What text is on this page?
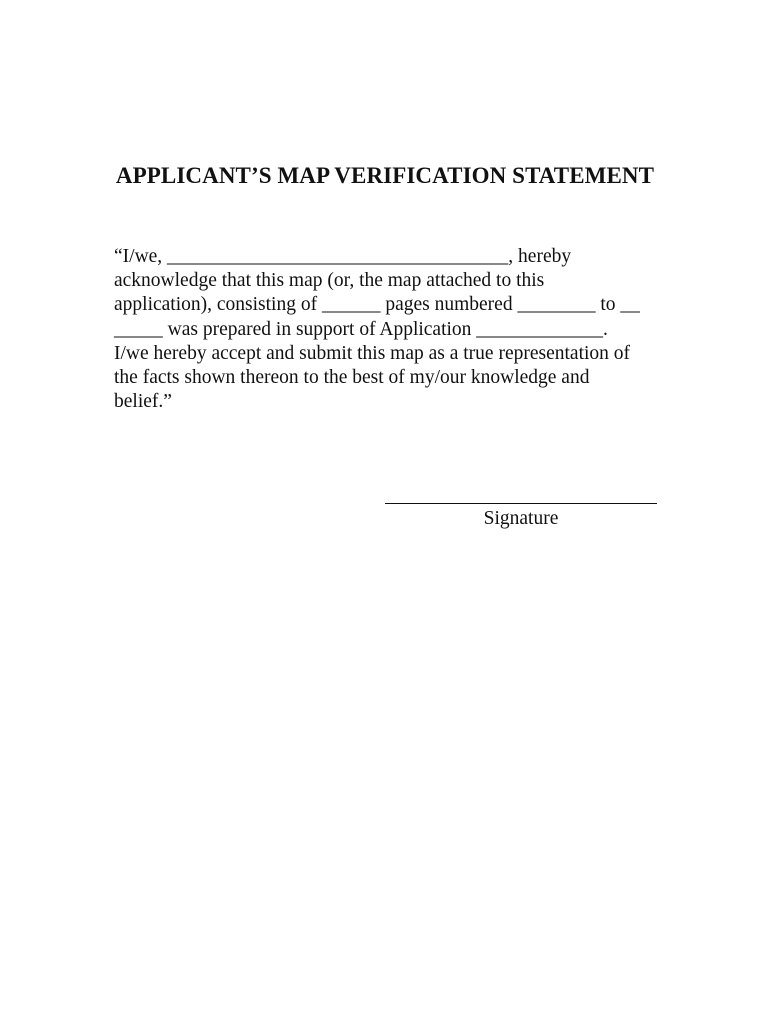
APPLICANT’S MAP VERIFICATION STATEMENT
“I/we, ___________________________________, hereby
acknowledge that this map (or, the map attached to this
application), consisting of ______ pages numbered ________ to __
_____ was prepared in support of Application _____________.
I/we hereby accept and submit this map as a true representation of
the facts shown thereon to the best of my/our knowledge and
belief.”
Signature
